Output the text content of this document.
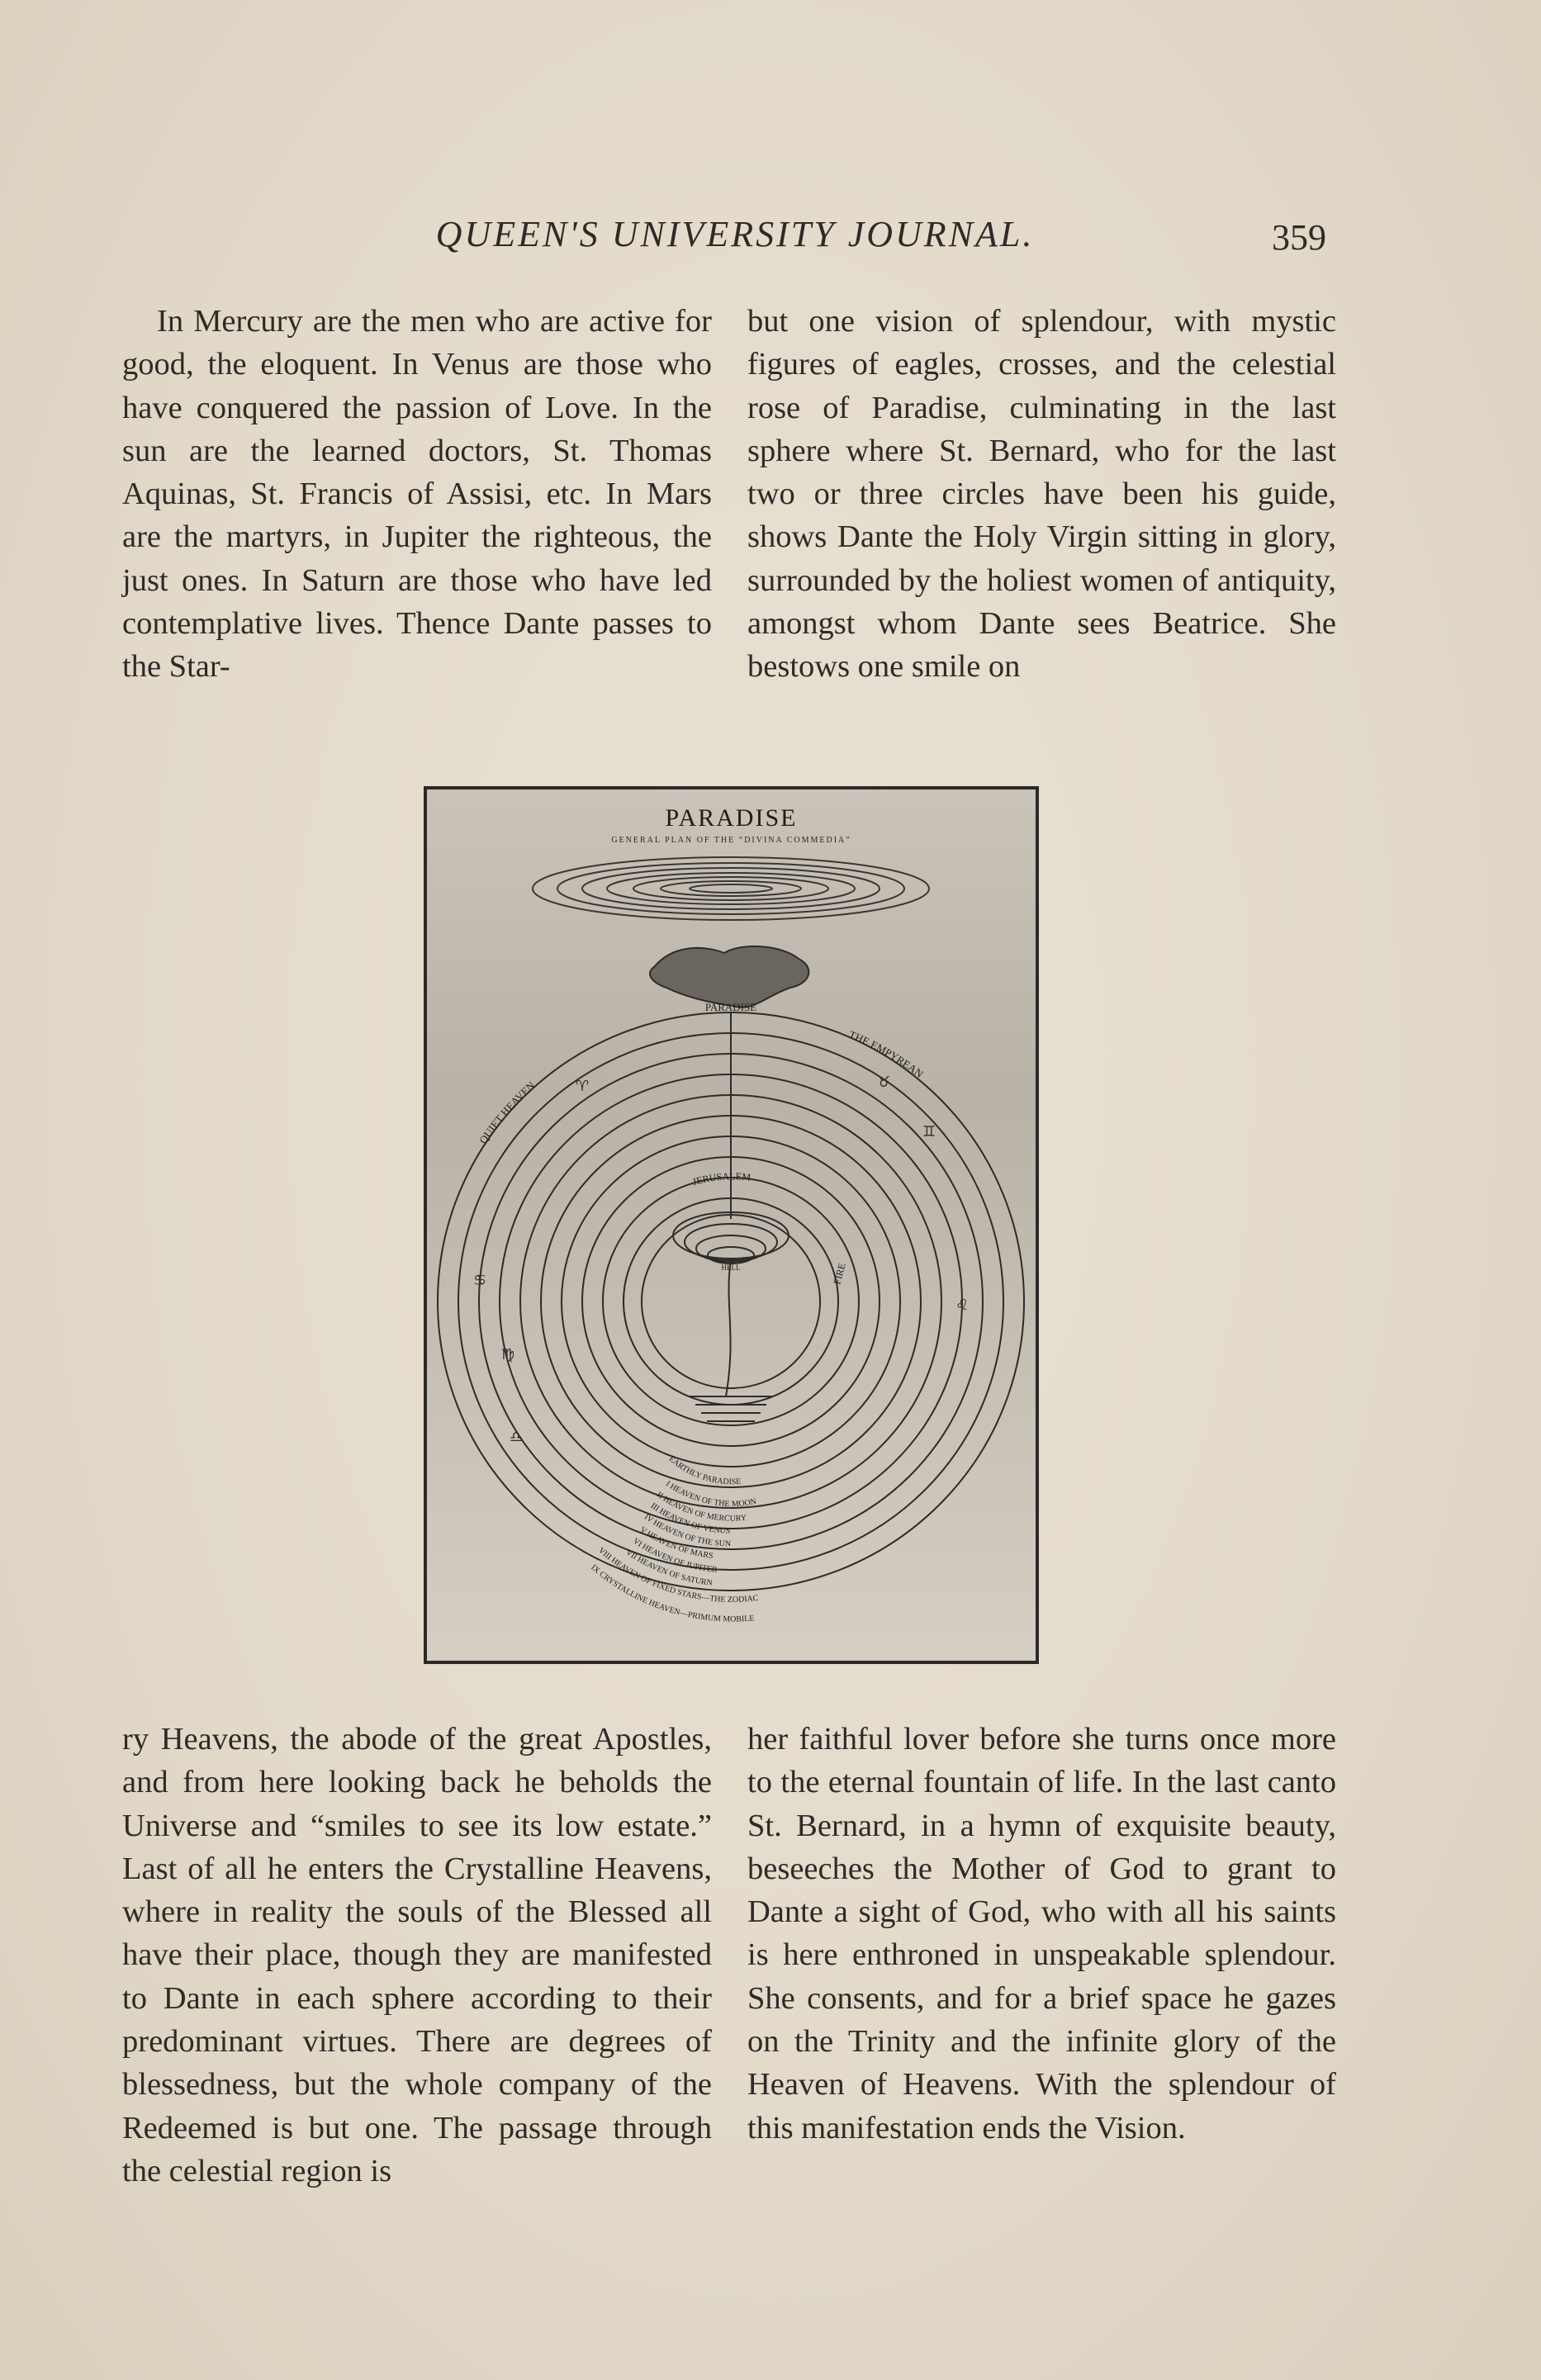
QUEEN'S UNIVERSITY JOURNAL.	359

In Mercury are the men who are active for good, the eloquent. In Venus are those who have conquered the passion of Love. In the sun are the learned doctors, St. Thomas Aquinas, St. Francis of Assisi, etc. In Mars are the martyrs, in Jupiter the righteous, the just ones. In Saturn are those who have led contemplative lives. Thence Dante passes to the Star-

but one vision of splendour, with mystic figures of eagles, crosses, and the celestial rose of Paradise, culminating in the last sphere where St. Bernard, who for the last two or three circles have been his guide, shows Dante the Holy Virgin sitting in glory, surrounded by the holiest women of antiquity, amongst whom Dante sees Beatrice. She bestows one smile on

PARADISE
GENERAL PLAN OF THE “DIVINA COMMEDIA”
PARADISE
HELL
QUIET HEAVEN
THE EMPYREAN
JERUSALEM
FIRE
EARTHLY PARADISE
I HEAVEN OF THE MOON
II HEAVEN OF MERCURY
III HEAVEN OF VENUS
IV HEAVEN OF THE SUN
V HEAVEN OF MARS
VI HEAVEN OF JUPITER
VII HEAVEN OF SATURN
VIII HEAVEN OF FIXED STARS—THE ZODIAC
IX CRYSTALLINE HEAVEN—PRIMUM MOBILE
♈	♉
♊
♋
♌
♍
♎

ry Heavens, the abode of the great Apostles, and from here looking back he beholds the Universe and “smiles to see its low estate.” Last of all he enters the Crystalline Heavens, where in reality the souls of the Blessed all have their place, though they are manifested to Dante in each sphere according to their predominant virtues. There are degrees of blessedness, but the whole company of the Redeemed is but one. The passage through the celestial region is

her faithful lover before she turns once more to the eternal fountain of life. In the last canto St. Bernard, in a hymn of exquisite beauty, beseeches the Mother of God to grant to Dante a sight of God, who with all his saints is here enthroned in unspeakable splendour. She consents, and for a brief space he gazes on the Trinity and the infinite glory of the Heaven of Heavens. With the splendour of this manifestation ends the Vision.
